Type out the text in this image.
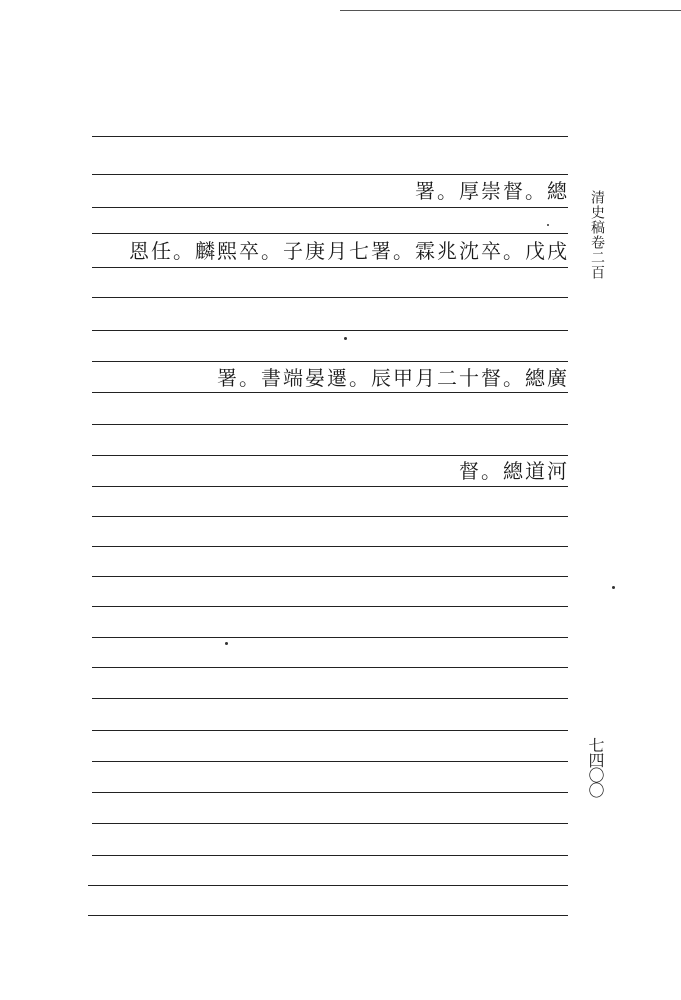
清史稿卷二百
七四〇〇
署。厚崇督。總
恩任。麟熙卒。子庚月七署。霖兆沈卒。戊戌
署。書端晏遷。辰甲月二十督。總廣
督。總道河
